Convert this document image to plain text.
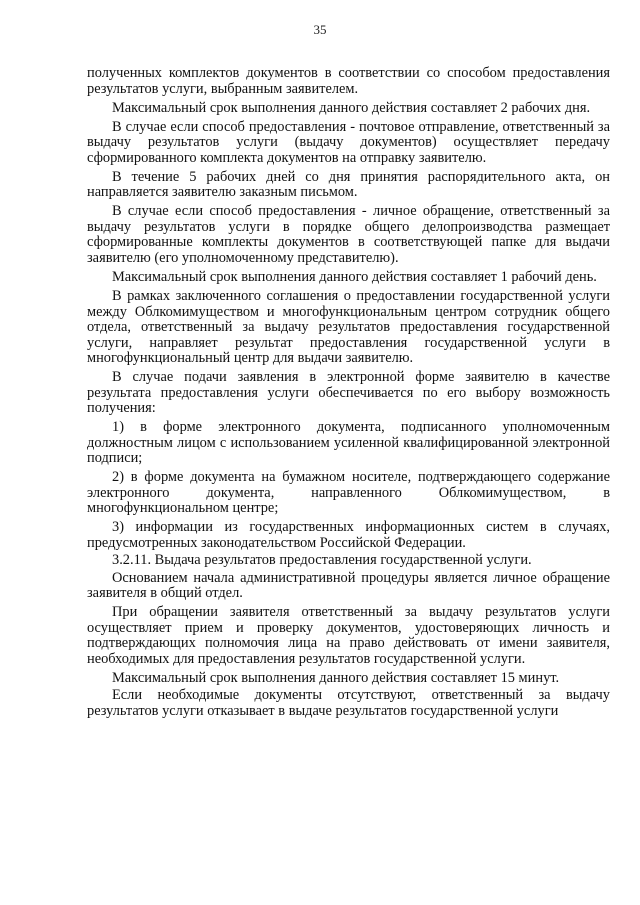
35

полученных комплектов документов в соответствии со способом предоставления результатов услуги, выбранным заявителем.

Максимальный срок выполнения данного действия составляет 2 рабочих дня.

В случае если способ предоставления - почтовое отправление, ответственный за выдачу результатов услуги (выдачу документов) осуществляет передачу сформированного комплекта документов на отправку заявителю.

В течение 5 рабочих дней со дня принятия распорядительного акта, он направляется заявителю заказным письмом.

В случае если способ предоставления - личное обращение, ответственный за выдачу результатов услуги в порядке общего делопроизводства размещает сформированные комплекты документов в соответствующей папке для выдачи заявителю (его уполномоченному представителю).

Максимальный срок выполнения данного действия составляет 1 рабочий день.

В рамках заключенного соглашения о предоставлении государственной услуги между Облкомимуществом и многофункциональным центром сотрудник общего отдела, ответственный за выдачу результатов предоставления государственной услуги, направляет результат предоставления государственной услуги в многофункциональный центр для выдачи заявителю.

В случае подачи заявления в электронной форме заявителю в качестве результата предоставления услуги обеспечивается по его выбору возможность получения:

1) в форме электронного документа, подписанного уполномоченным должностным лицом с использованием усиленной квалифицированной электронной подписи;

2) в форме документа на бумажном носителе, подтверждающего содержание электронного документа, направленного Облкомимуществом, в многофункциональном центре;

3) информации из государственных информационных систем в случаях, предусмотренных законодательством Российской Федерации.

3.2.11. Выдача результатов предоставления государственной услуги.

Основанием начала административной процедуры является личное обращение заявителя в общий отдел.

При обращении заявителя ответственный за выдачу результатов услуги осуществляет прием и проверку документов, удостоверяющих личность и подтверждающих полномочия лица на право действовать от имени заявителя, необходимых для предоставления результатов государственной услуги.

Максимальный срок выполнения данного действия составляет 15 минут.

Если необходимые документы отсутствуют, ответственный за выдачу результатов услуги отказывает в выдаче результатов государственной услуги
